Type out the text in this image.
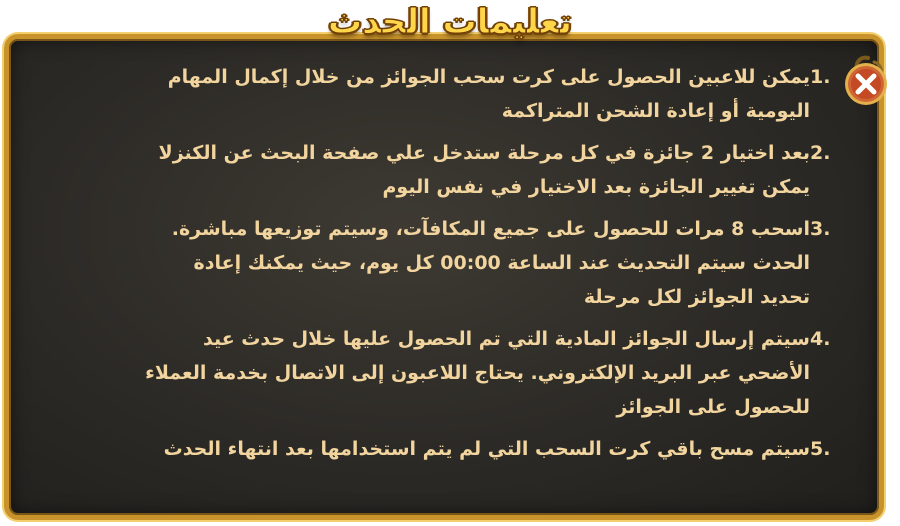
تعليمات الحدث
1.يمكن للاعبين الحصول على كرت سحب الجوائز من خلال إكمال المهام
اليومية أو إعادة الشحن المتراكمة
2.بعد اختيار 2 جائزة في كل مرحلة ستدخل علي صفحة البحث عن الكنزلا
يمكن تغيير الجائزة بعد الاختيار في نفس اليوم
3.اسحب 8 مرات للحصول على جميع المكافآت، وسيتم توزيعها مباشرة.
الحدث سيتم التحديث عند الساعة 00:00 كل يوم، حيث يمكنك إعادة
تحديد الجوائز لكل مرحلة
4.سيتم إرسال الجوائز المادية التي تم الحصول عليها خلال حدث عيد
الأضحي عبر البريد الإلكتروني. يحتاج اللاعبون إلى الاتصال بخدمة العملاء
للحصول على الجوائز
5.سيتم مسح باقي كرت السحب التي لم يتم استخدامها بعد انتهاء الحدث
